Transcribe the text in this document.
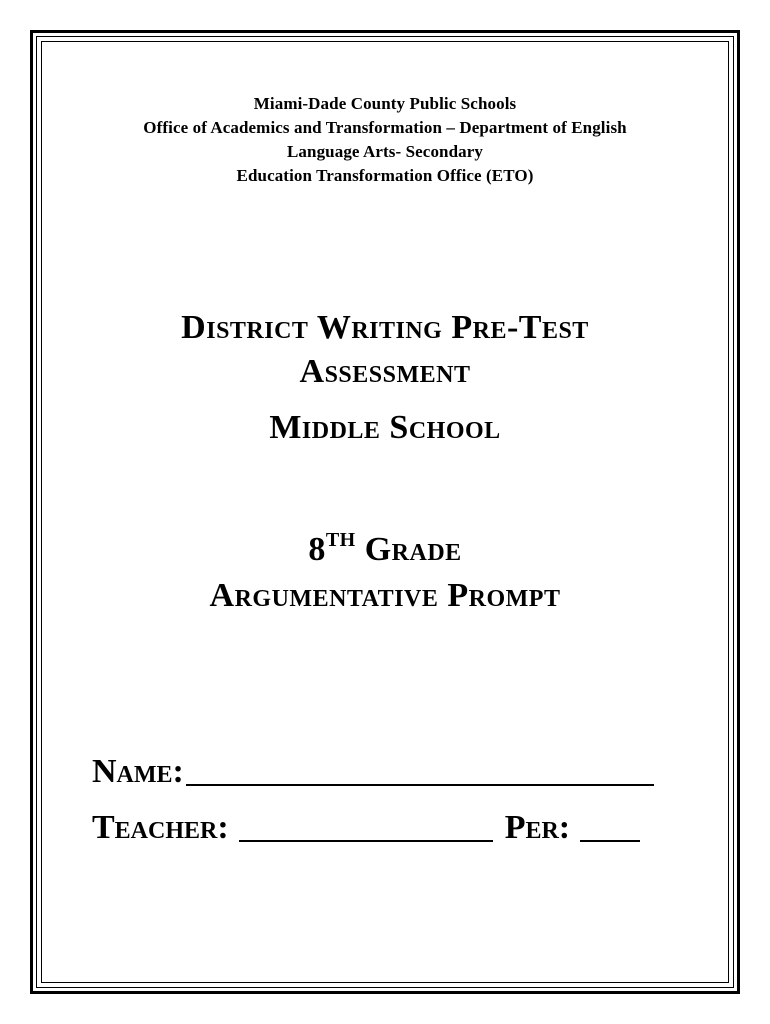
Miami-Dade County Public Schools
Office of Academics and Transformation – Department of English
Language Arts- Secondary
Education Transformation Office (ETO)
District Writing Pre-Test
Assessment
Middle School
8TH Grade
Argumentative Prompt
Name:
Teacher:	Per:
